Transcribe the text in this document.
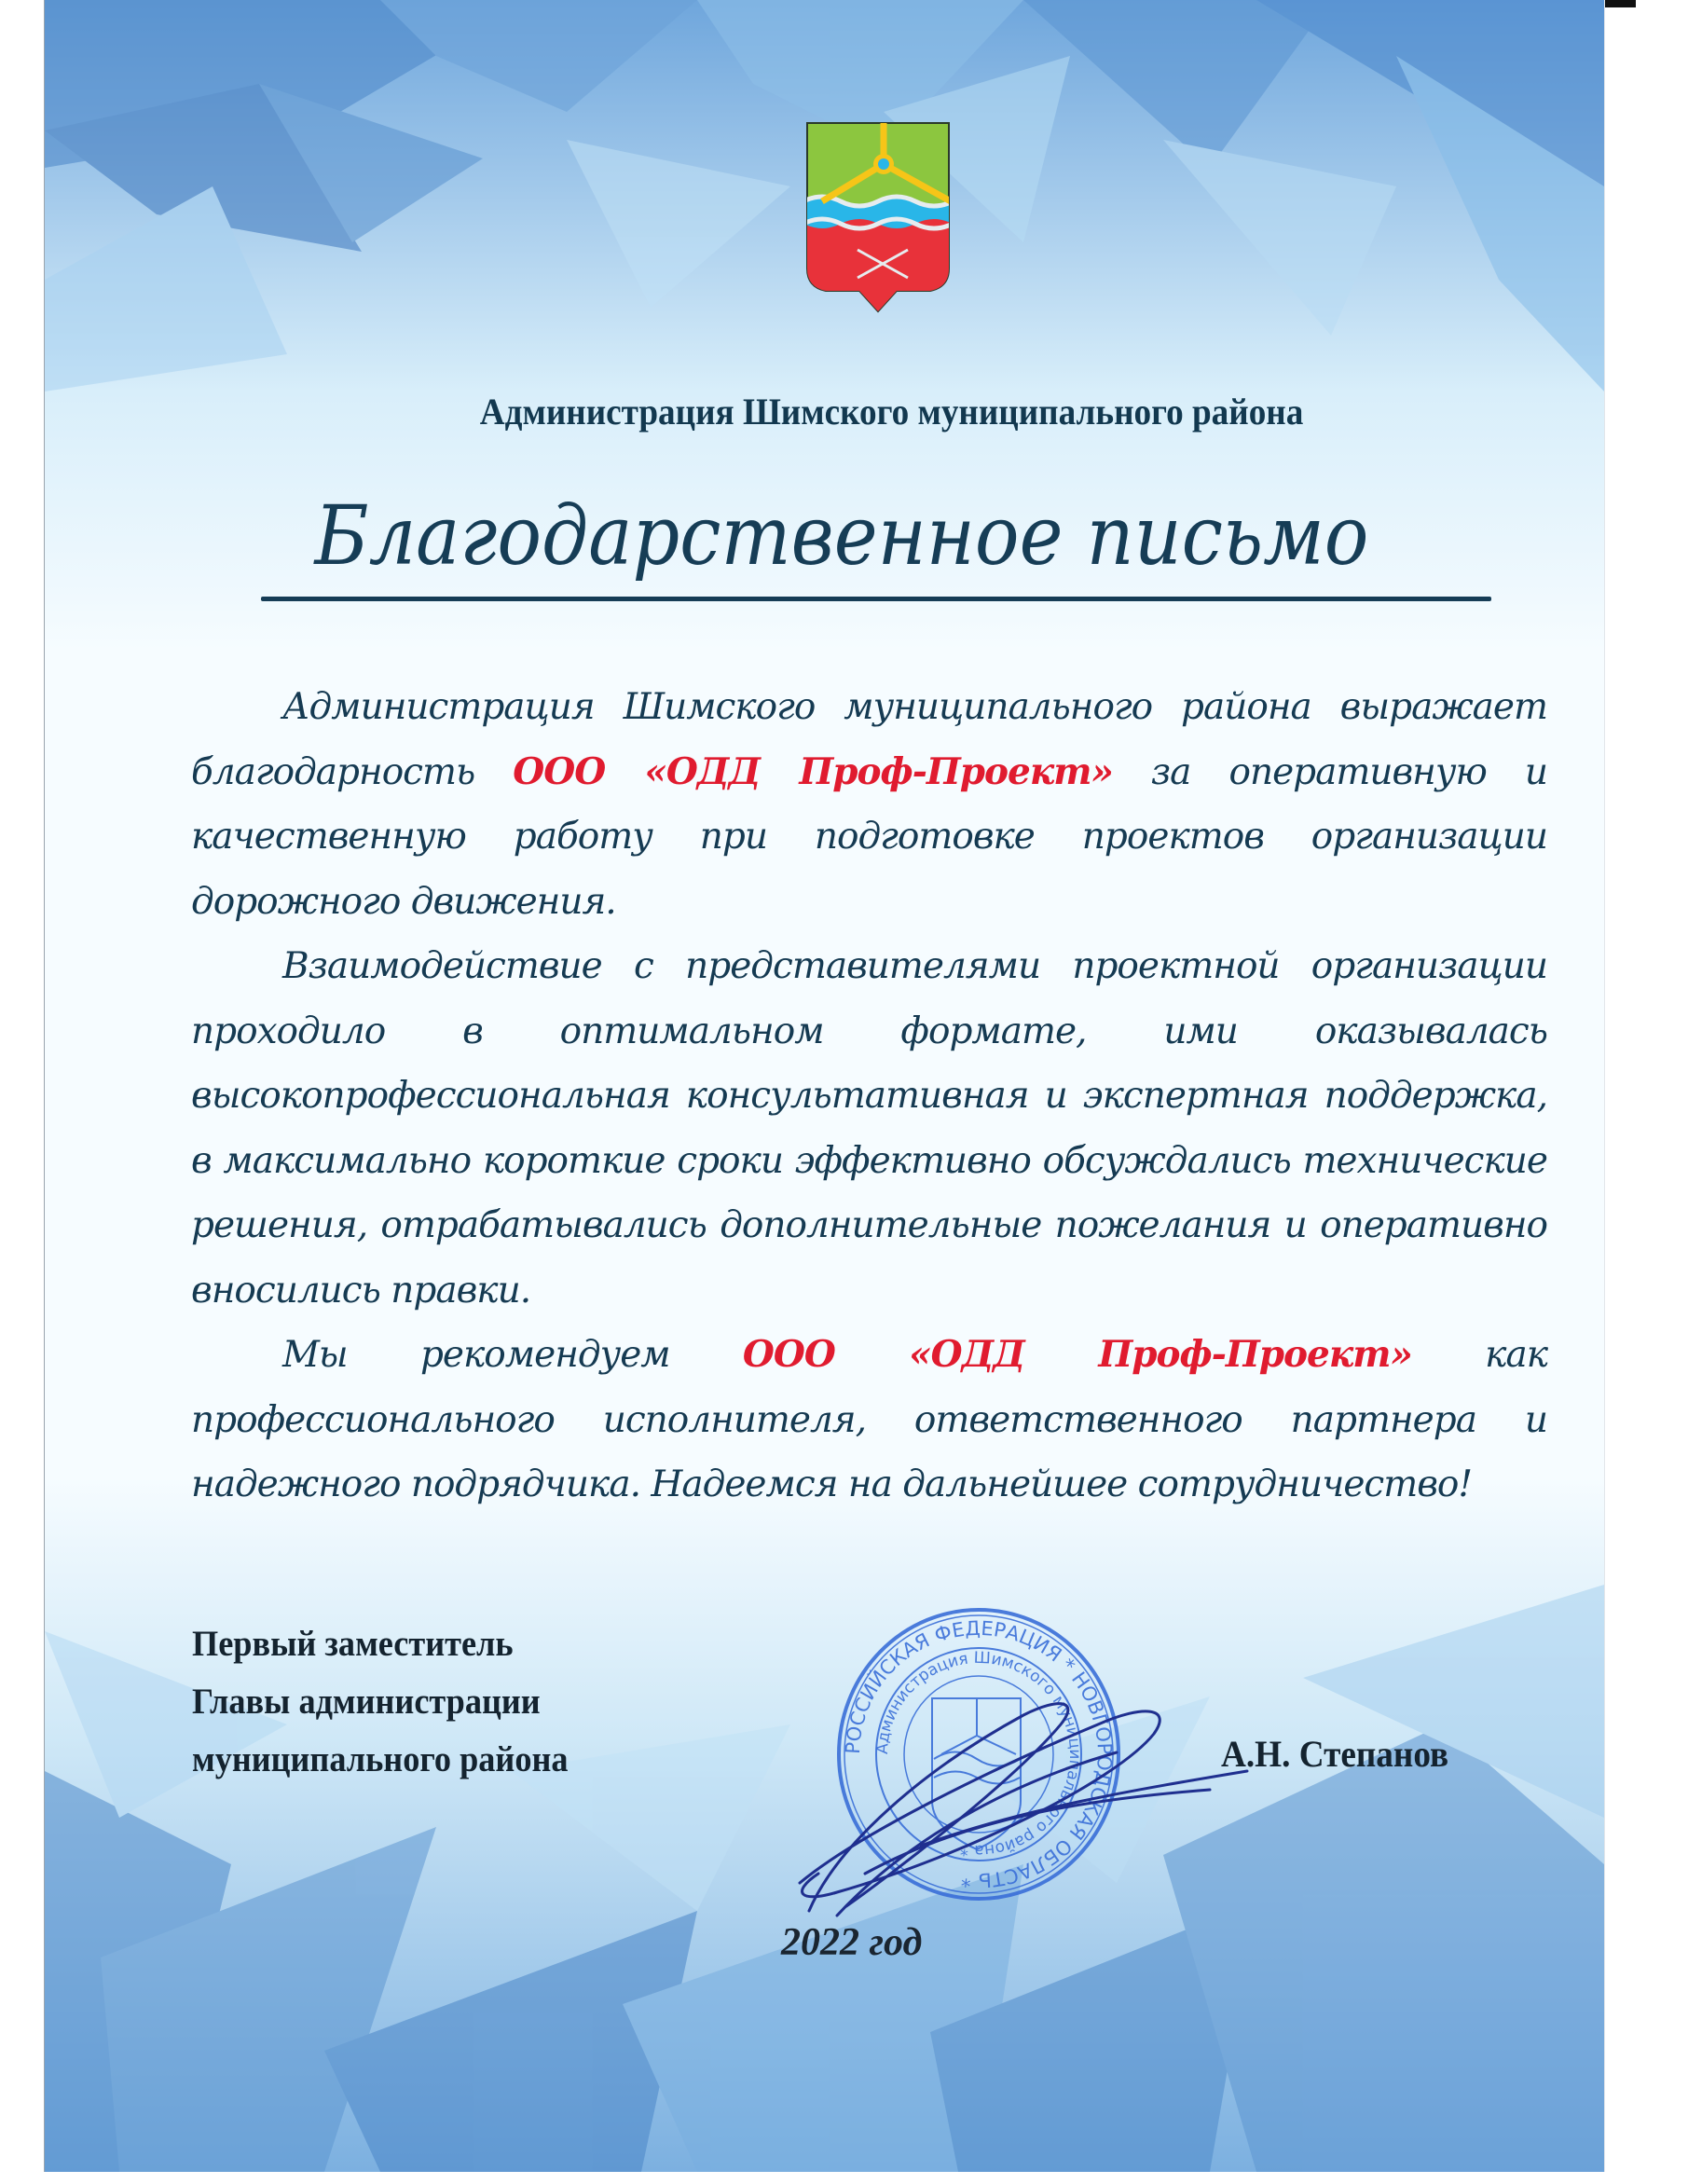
Администрация Шимского муниципального района
Благодарственное письмо

Администрация Шимского муниципального района выражает благодарность ООО «ОДД Проф-Проект» за оперативную и качественную работу при подготовке проектов организации дорожного движения.

Взаимодействие с представителями проектной организации проходило в оптимальном формате, ими оказывалась высокопрофессиональная консультативная и экспертная поддержка, в максимально короткие сроки эффективно обсуждались технические решения, отрабатывались дополнительные пожелания и оперативно вносились правки.

Мы рекомендуем ООО «ОДД Проф-Проект» как профессионального исполнителя, ответственного партнера и надежного подрядчика. Надеемся на дальнейшее сотрудничество!

Первый заместитель
Главы администрации
муниципального района	РОССИЙСКАЯ ФЕДЕРАЦИЯ * НОВГОРОДСКАЯ ОБЛАСТЬ *
Администрация Шимского муниципального района *
А.Н. Степанов
2022 год
